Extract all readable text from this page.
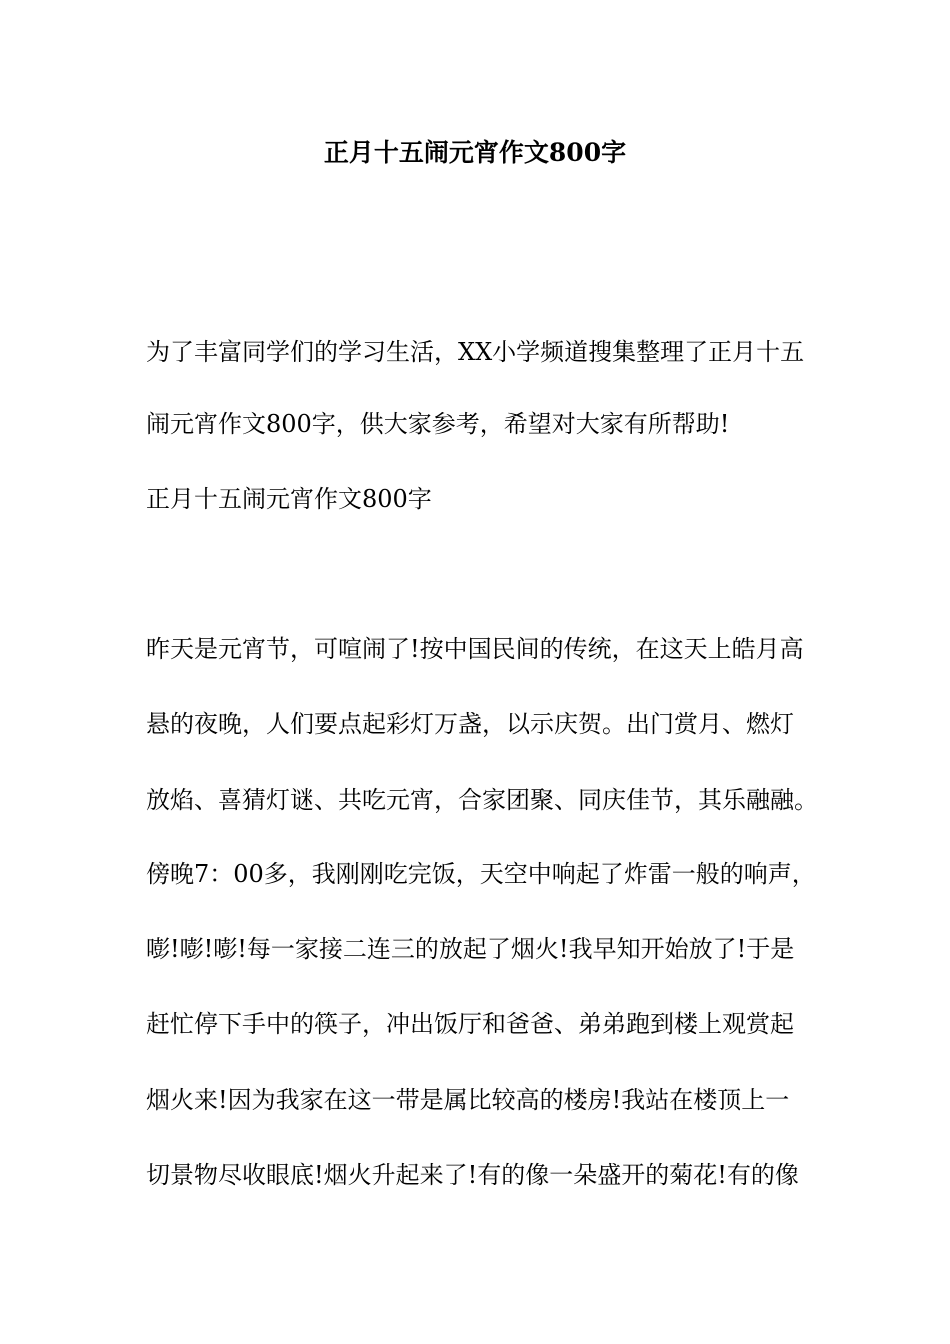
正月十五闹元宵作文800字
为了丰富同学们的学习生活，XX小学频道搜集整理了正月十五
闹元宵作文800字，供大家参考，希望对大家有所帮助!
正月十五闹元宵作文800字
昨天是元宵节，可喧闹了!按中国民间的传统，在这天上皓月高
悬的夜晚，人们要点起彩灯万盏，以示庆贺。出门赏月、燃灯
放焰、喜猜灯谜、共吃元宵，合家团聚、同庆佳节，其乐融融。
傍晚7：00多，我刚刚吃完饭，天空中响起了炸雷一般的响声，
嘭!嘭!嘭!每一家接二连三的放起了烟火!我早知开始放了!于是
赶忙停下手中的筷子，冲出饭厅和爸爸、弟弟跑到楼上观赏起
烟火来!因为我家在这一带是属比较高的楼房!我站在楼顶上一
切景物尽收眼底!烟火升起来了!有的像一朵盛开的菊花!有的像
